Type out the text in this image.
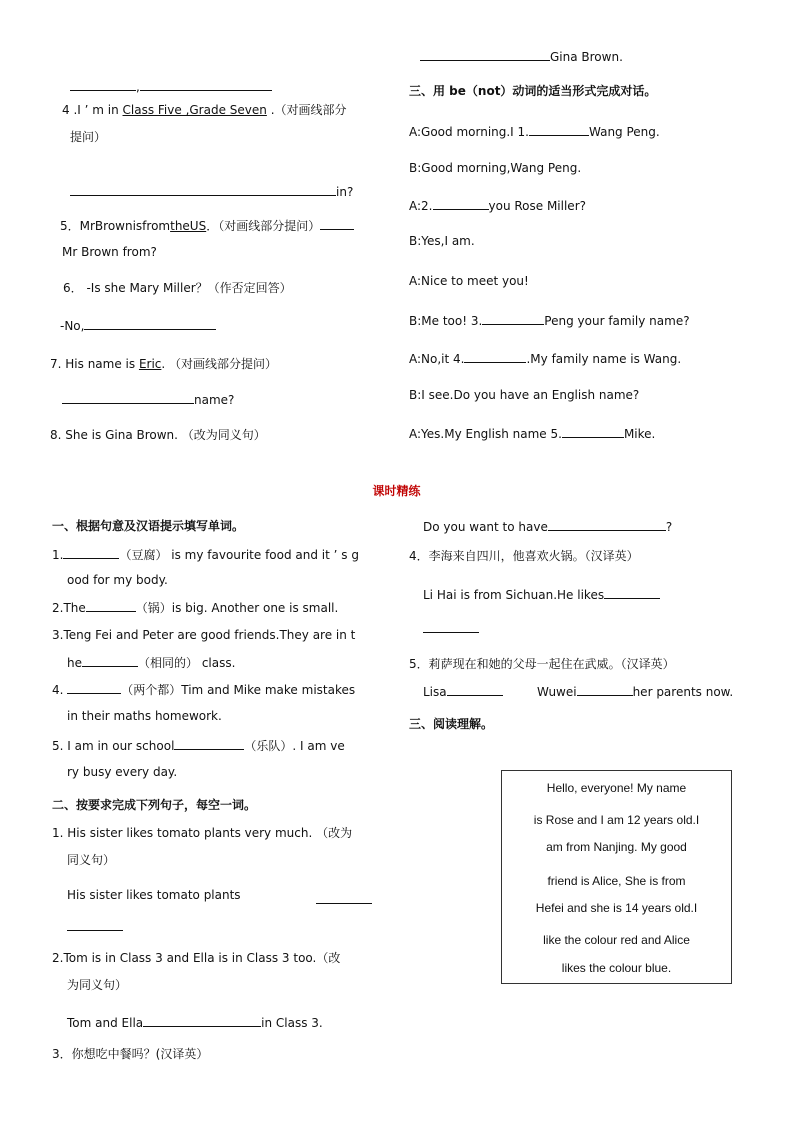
,
4 .I ’ m in Class Five ,Grade Seven .（对画线部分
提问）
in?
5．MrBrownisfromtheUS．（对画线部分提问）
Mr Brown from?
6． -Is she Mary Miller？（作否定回答）
-No,
7. His name is Eric. （对画线部分提问）
name?
8. She is Gina Brown. （改为同义句）
Gina Brown.
三、用 be（not）动词的适当形式完成对话。
A:Good morning.I 1.	Wang Peng.
B:Good morning,Wang Peng.
A:2.	you Rose Miller?
B:Yes,I am.
A:Nice to meet you!
B:Me too! 3.	Peng your family name?
A:No,it 4.	.My family name is Wang.
B:I see.Do you have an English name?
A:Yes.My English name 5.	Mike.
课时精练
一、根据句意及汉语提示填写单词。
1.	（豆腐） is my favourite food and it ’ s g
ood for my body.
2.The	（锅）is big. Another one is small.
3.Teng Fei and Peter are good friends.They are in t
he	（相同的） class.
4.	（两个都）Tim and Mike make mistakes
in their maths homework.
5. I am in our school	（乐队）. I am ve
ry busy every day.
二、按要求完成下列句子，每空一词。
1. His sister likes tomato plants very much. （改为
同义句）
His sister likes tomato plants
2.Tom is in Class 3 and Ella is in Class 3 too.（改
为同义句）
Tom and Ella	in Class 3.
3．你想吃中餐吗？(汉译英）
Do you want to have	?
4．李海来自四川，他喜欢火锅。（汉译英）
Li Hai is from Sichuan.He likes
5．莉萨现在和她的父母一起住在武威。（汉译英）
Lisa	Wuwei	her parents now.
三、阅读理解。
Hello, everyone! My name
is Rose and I am 12 years old.I
am from Nanjing. My good
friend is Alice, She is from
Hefei and she is 14 years old.I
like the colour red and Alice
likes the colour blue.
